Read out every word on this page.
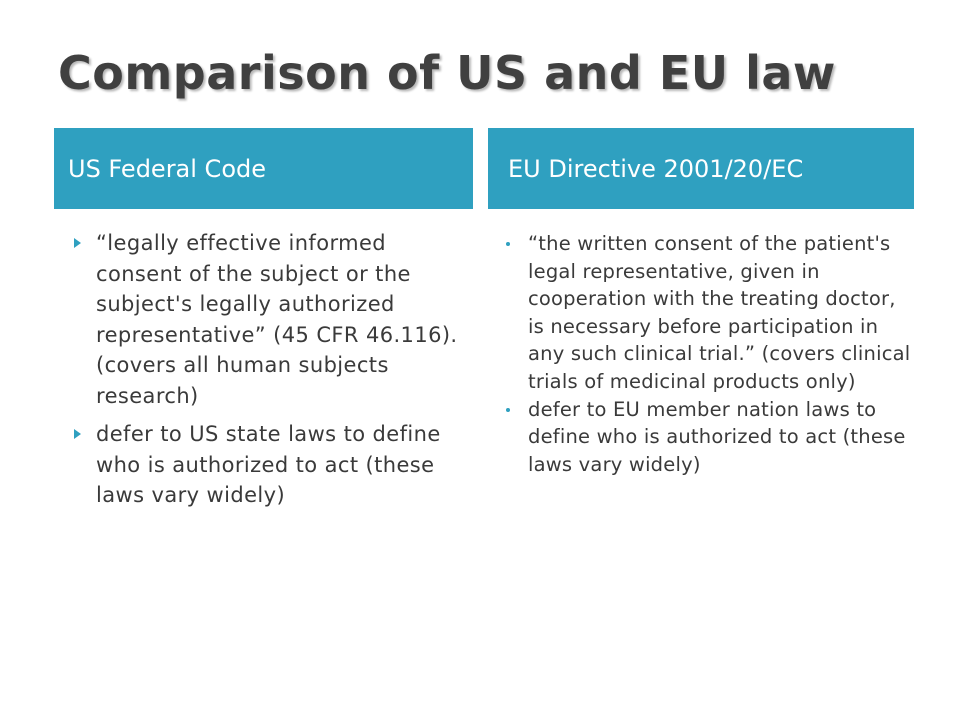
Comparison of US and EU law
US Federal Code	EU Directive 2001/20/EC
“legally effective informed consent of the subject or the subject's legally authorized representative” (45 CFR 46.116). (covers all human subjects research)
defer to US state laws to define who is authorized to act (these laws vary widely)
“the written consent of the patient's legal representative, given in cooperation with the treating doctor, is necessary before participation in any such clinical trial.” (covers clinical trials of medicinal products only)
defer to EU member nation laws to define who is authorized to act (these laws vary widely)
